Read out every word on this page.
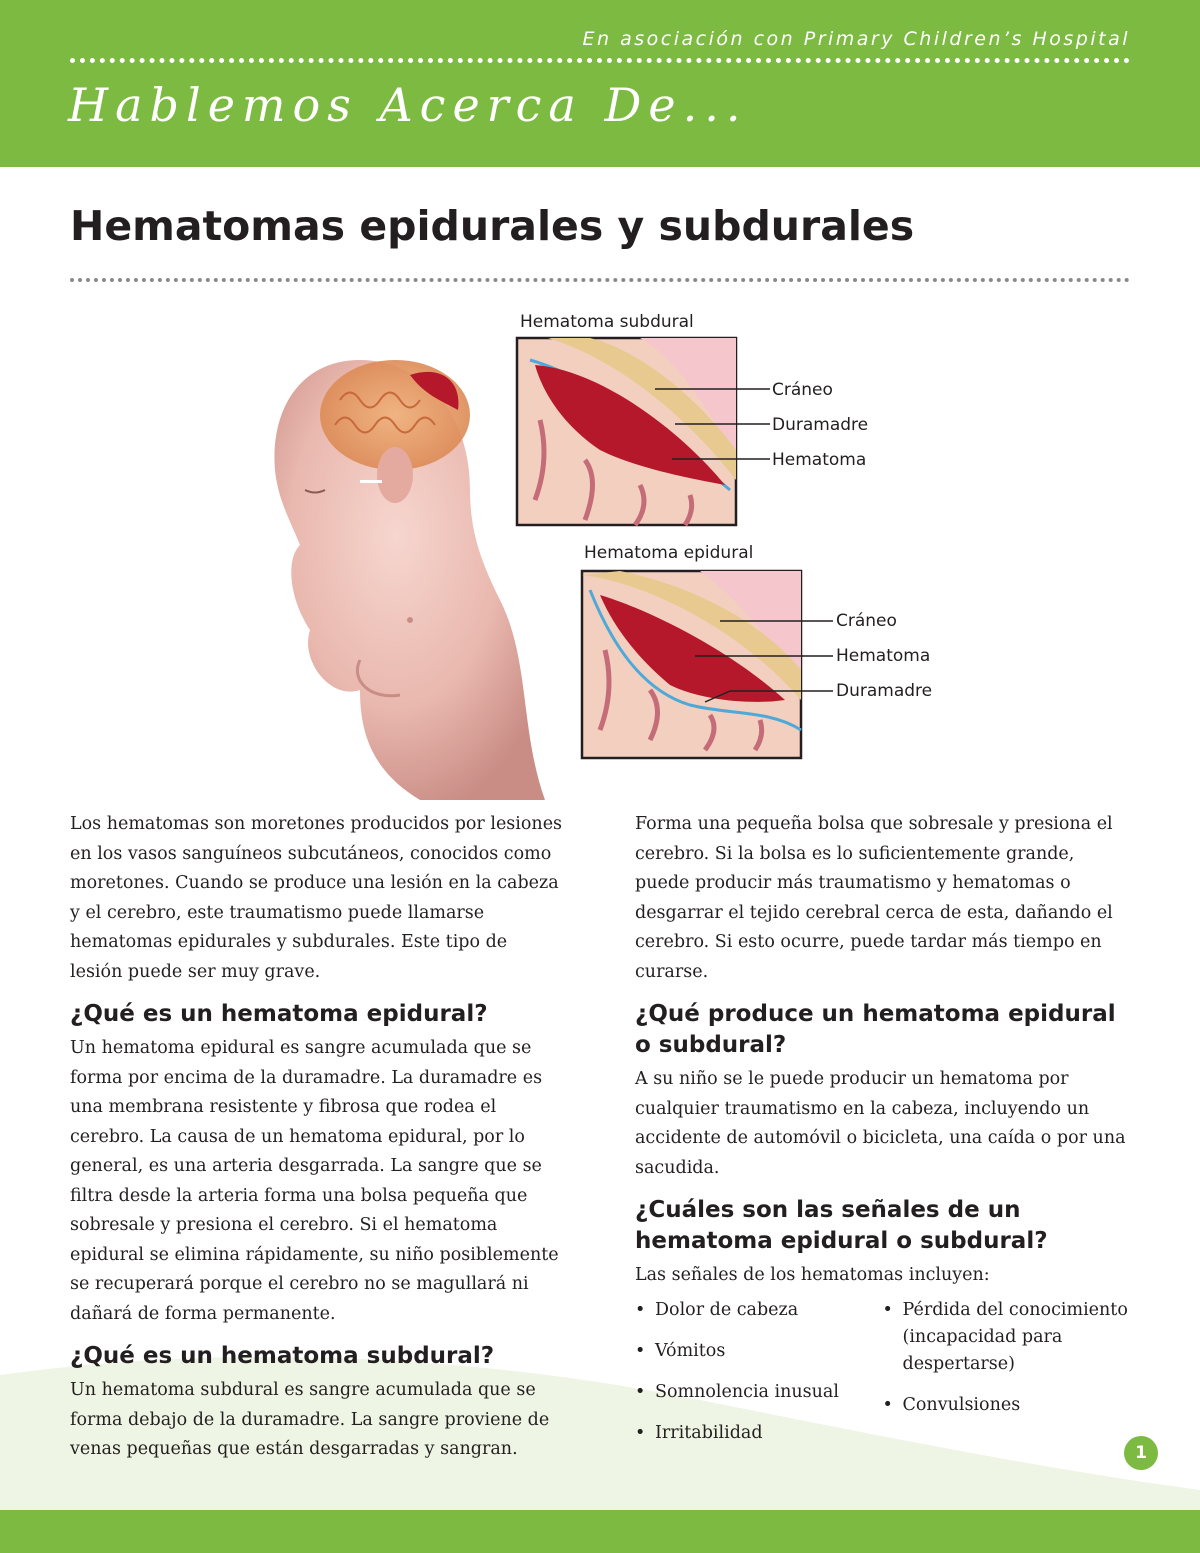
En asociación con Primary Children’s Hospital
Hablemos Acerca De...
Hematomas epidurales y subdurales
Hematoma subdural
Cráneo
Duramadre
Hematoma
Hematoma epidural
Cráneo
Hematoma
Duramadre

Los hematomas son moretones producidos por lesiones en los vasos sanguíneos subcutáneos, conocidos como moretones. Cuando se produce una lesión en la cabeza y el cerebro, este traumatismo puede llamarse hematomas epidurales y subdurales. Este tipo de lesión puede ser muy grave.

¿Qué es un hematoma epidural?

Un hematoma epidural es sangre acumulada que se forma por encima de la duramadre. La duramadre es una membrana resistente y fibrosa que rodea el cerebro. La causa de un hematoma epidural, por lo general, es una arteria desgarrada. La sangre que se filtra desde la arteria forma una bolsa pequeña que sobresale y presiona el cerebro. Si el hematoma epidural se elimina rápidamente, su niño posiblemente se recuperará porque el cerebro no se magullará ni dañará de forma permanente.

¿Qué es un hematoma subdural?

Un hematoma subdural es sangre acumulada que se forma debajo de la duramadre. La sangre proviene de venas pequeñas que están desgarradas y sangran.

Forma una pequeña bolsa que sobresale y presiona el cerebro. Si la bolsa es lo suficientemente grande, puede producir más traumatismo y hematomas o desgarrar el tejido cerebral cerca de esta, dañando el cerebro. Si esto ocurre, puede tardar más tiempo en curarse.

¿Qué produce un hematoma epidural o subdural?

A su niño se le puede producir un hematoma por cualquier traumatismo en la cabeza, incluyendo un accidente de automóvil o bicicleta, una caída o por una sacudida.

¿Cuáles son las señales de un hematoma epidural o subdural?

Las señales de los hematomas incluyen:

• Dolor de cabeza
• Vómitos
• Somnolencia inusual
• Irritabilidad
• Pérdida del conocimiento (incapacidad para despertarse)
• Convulsiones
1
